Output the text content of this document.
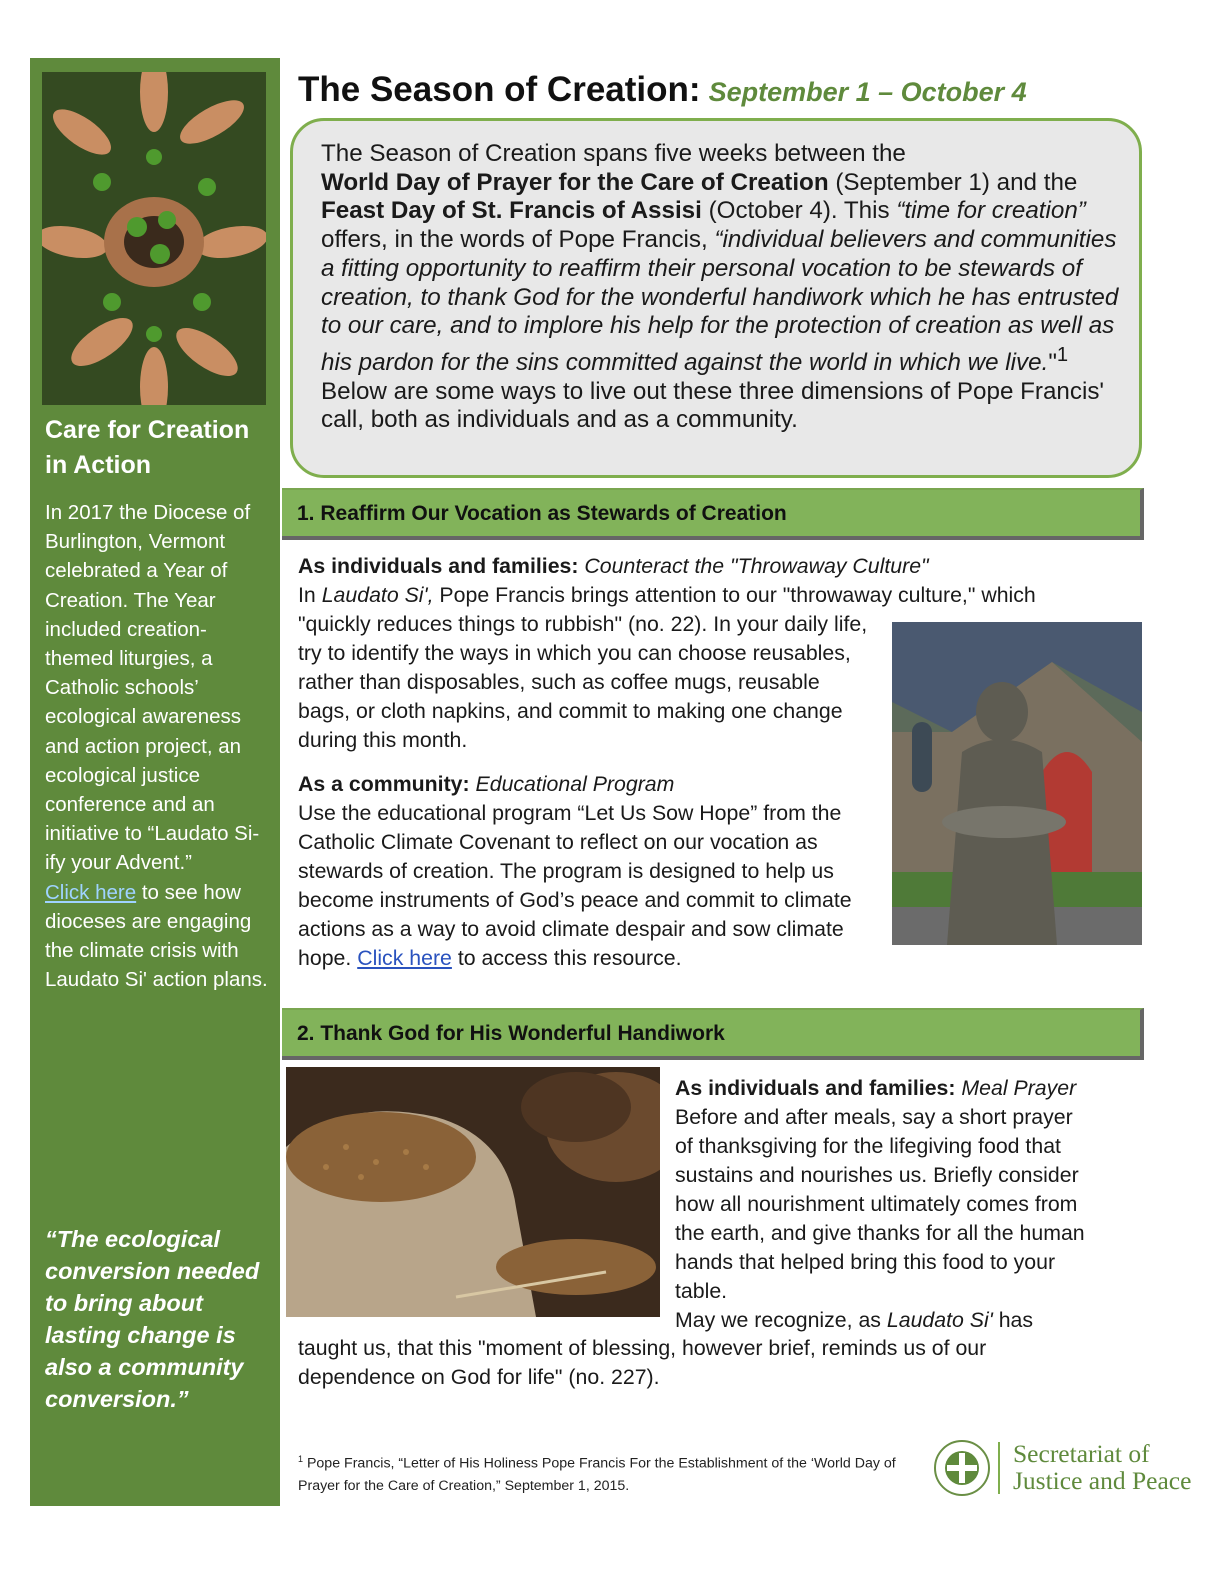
Care for Creation
in Action
In 2017 the Diocese of Burlington, Vermont celebrated a Year of Creation. The Year included creation-themed liturgies, a Catholic schools’ ecological awareness and action project, an ecological justice conference and an initiative to “Laudato Si-ify your Advent.”
Click here to see how dioceses are engaging the climate crisis with Laudato Si' action plans.
“The ecological conversion needed to bring about lasting change is also a community conversion.”
The Season of Creation: September 1 – October 4

The Season of Creation spans five weeks between the
World Day of Prayer for the Care of Creation (September 1) and the Feast Day of St. Francis of Assisi (October 4). This “time for creation” offers, in the words of Pope Francis, “individual believers and communities a fitting opportunity to reaffirm their personal vocation to be stewards of creation, to thank God for the wonderful handiwork which he has entrusted to our care, and to implore his help for the protection of creation as well as his pardon for the sins committed against the world in which we live."$^1$ Below are some ways to live out these three dimensions of Pope Francis' call, both as individuals and as a community.

1. Reaffirm Our Vocation as Stewards of Creation

As individuals and families: Counteract the "Throwaway Culture"

In Laudato Si', Pope Francis brings attention to our "throwaway culture," which

"quickly reduces things to rubbish" (no. 22). In your daily life, try to identify the ways in which you can choose reusables, rather than disposables, such as coffee mugs, reusable bags, or cloth napkins, and commit to making one change during this month.

As a community: Educational Program

Use the educational program “Let Us Sow Hope” from the Catholic Climate Covenant to reflect on our vocation as stewards of creation. The program is designed to help us become instruments of God’s peace and commit to climate actions as a way to avoid climate despair and sow climate hope. Click here to access this resource.

2. Thank God for His Wonderful Handiwork

As individuals and families: Meal Prayer

Before and after meals, say a short prayer of thanksgiving for the lifegiving food that sustains and nourishes us. Briefly consider how all nourishment ultimately comes from the earth, and give thanks for all the human hands that helped bring this food to your table.

May we recognize, as Laudato Si' has

taught us, that this "moment of blessing, however brief, reminds us of our dependence on God for life" (no. 227).

$^1$ Pope Francis, “Letter of His Holiness Pope Francis For the Establishment of the ‘World Day of Prayer for the Care of Creation,” September 1, 2015.
Secretariat of
Justice and Peace
